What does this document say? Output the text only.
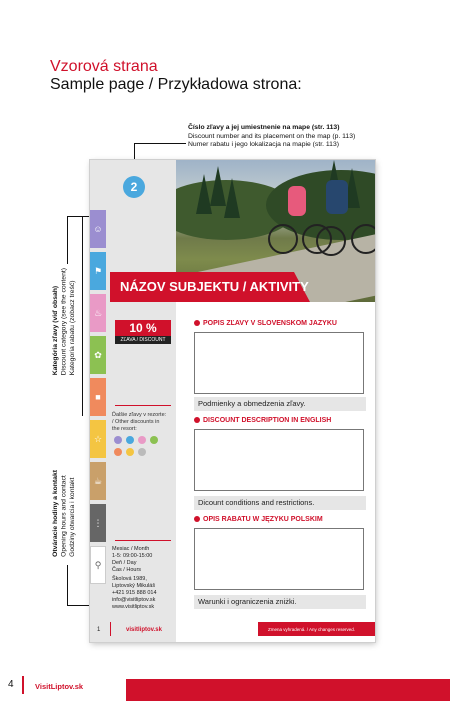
Vzorová strana
Sample page / Przykładowa strona:
Číslo zľavy a jej umiestnenie na mape (str. 113)
Discount number and its placement on the map (p. 113)
Numer rabatu i jego lokalizacja na mapie (str. 113)
Kategória zľavy (viď obsah) Discount category (see the content) Kategoria rabatu (zobacz treść)
Otváracie hodiny a kontakt Opening hours and contact Godziny otwarcia i kontakt
2
NÁZOV SUBJEKTU / AKTIVITY
☺
⚑
♨
✿
■
☆
☕
⋮
⚲
10 %
ZĽAVA / DISCOUNT
Ďalšie zľavy v rezorte:
/ Other discounts in
the resort:
Mesiac / Month
1-5: 09:00-15:00
Deň / Day
Čas / Hours
Školová 1989,
Liptovský Mikuláš
+421 915 888 014
info@visitliptov.sk
www.visitliptov.sk
POPIS ZĽAVY V SLOVENSKOM JAZYKU
Podmienky a obmedzenia zľavy.
DISCOUNT DESCRIPTION IN ENGLISH
Dicount conditions and restrictions.
OPIS RABATU W JĘZYKU POLSKIM
Warunki i ograniczenia zniżki.
1	visitliptov.sk	Zmena vyhradená. / Any changes reserved.
4	VisitLiptov.sk
